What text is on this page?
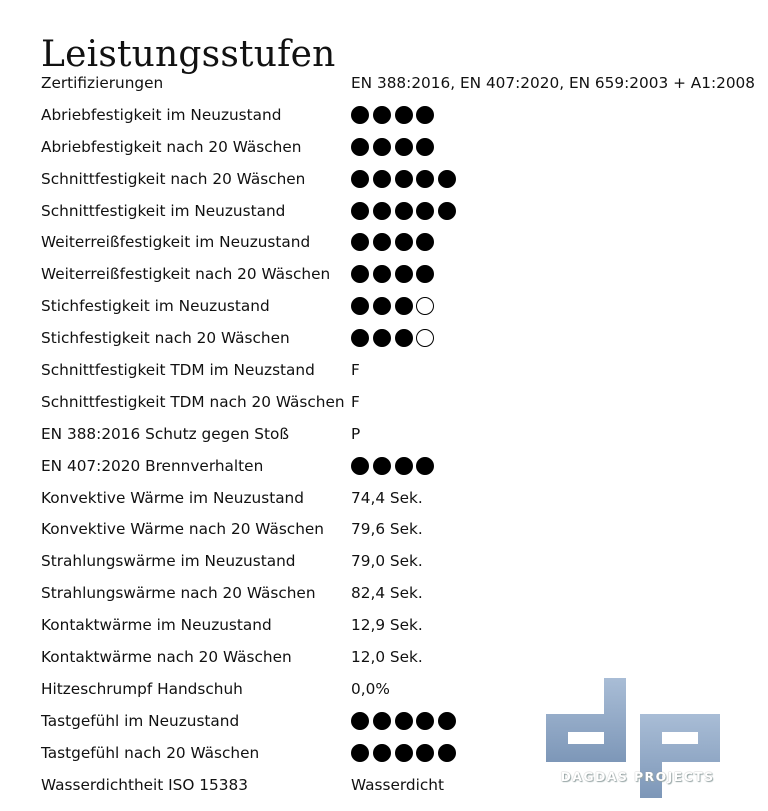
Leistungsstufen
Zertifizierungen	EN 388:2016, EN 407:2020, EN 659:2003 + A1:2008
Abriebfestigkeit im Neuzustand
Abriebfestigkeit nach 20 Wäschen
Schnittfestigkeit nach 20 Wäschen
Schnittfestigkeit im Neuzustand
Weiterreißfestigkeit im Neuzustand
Weiterreißfestigkeit nach 20 Wäschen
Stichfestigkeit im Neuzustand
Stichfestigkeit nach 20 Wäschen
Schnittfestigkeit TDM im Neuzstand	F
Schnittfestigkeit TDM nach 20 Wäschen F
EN 388:2016 Schutz gegen Stoß	P
EN 407:2020 Brennverhalten
Konvektive Wärme im Neuzustand	74,4 Sek.
Konvektive Wärme nach 20 Wäschen	79,6 Sek.
Strahlungswärme im Neuzustand	79,0 Sek.
Strahlungswärme nach 20 Wäschen	82,4 Sek.
Kontaktwärme im Neuzustand	12,9 Sek.
Kontaktwärme nach 20 Wäschen	12,0 Sek.
Hitzeschrumpf Handschuh	0,0%
Tastgefühl im Neuzustand
Tastgefühl nach 20 Wäschen
Wasserdichtheit ISO 15383	Wasserdicht	DAGDAS PROJECTS
